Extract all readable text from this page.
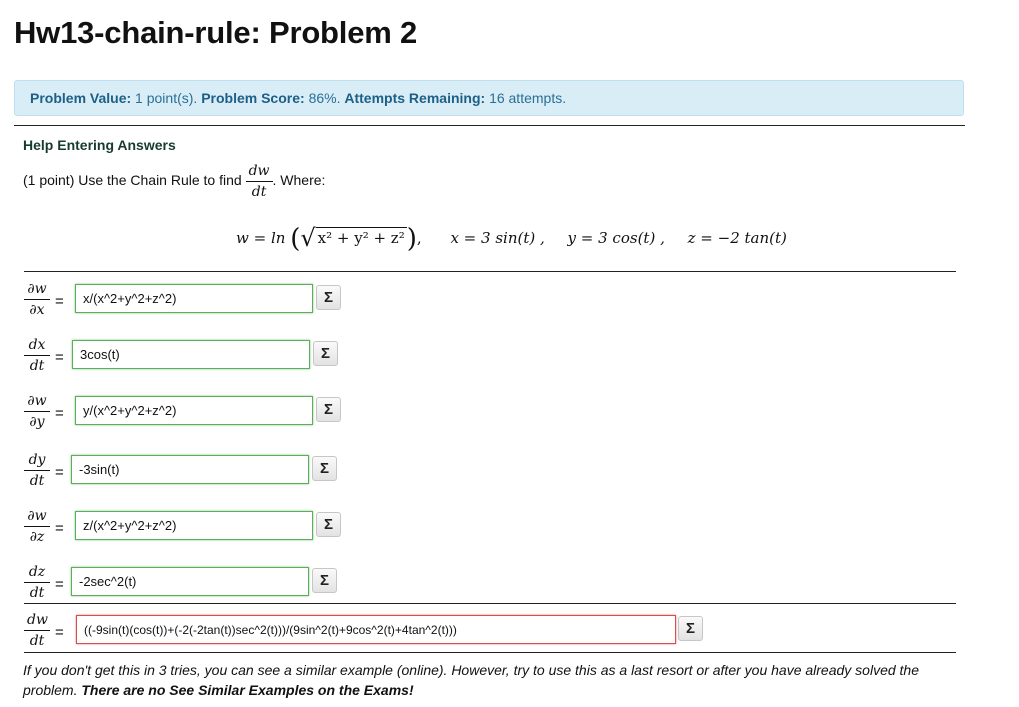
Hw13-chain-rule: Problem 2
Problem Value: 1 point(s). Problem Score: 86%. Attempts Remaining: 16 attempts.
Help Entering Answers
(1 point) Use the Chain Rule to find $\frac{dw}{dt}$ . Where:
w = ln (√ x² + y² + z²), x = 3 sin(t) , y = 3 cos(t) , z = −2 tan(t)
$\frac{\partial w}{\partial x}$ =
x/(x^2+y^2+z^2)	Σ
$\frac{dx}{dt}$ =
3cos(t)	Σ
$\frac{\partial w}{\partial y}$ =
y/(x^2+y^2+z^2)	Σ
$\frac{dy}{dt}$ =
-3sin(t)	Σ
$\frac{\partial w}{\partial z}$ =
z/(x^2+y^2+z^2)	Σ
$\frac{dz}{dt}$ =
-2sec^2(t)	Σ
$\frac{dw}{dt}$ =
((-9sin(t)(cos(t))+(-2(-2tan(t))sec^2(t)))/(9sin^2(t)+9cos^2(t)+4tan^2(t)))	Σ
If you don't get this in 3 tries, you can see a similar example (online). However, try to use this as a last resort or after you have already solved the problem. There are no See Similar Examples on the Exams!
